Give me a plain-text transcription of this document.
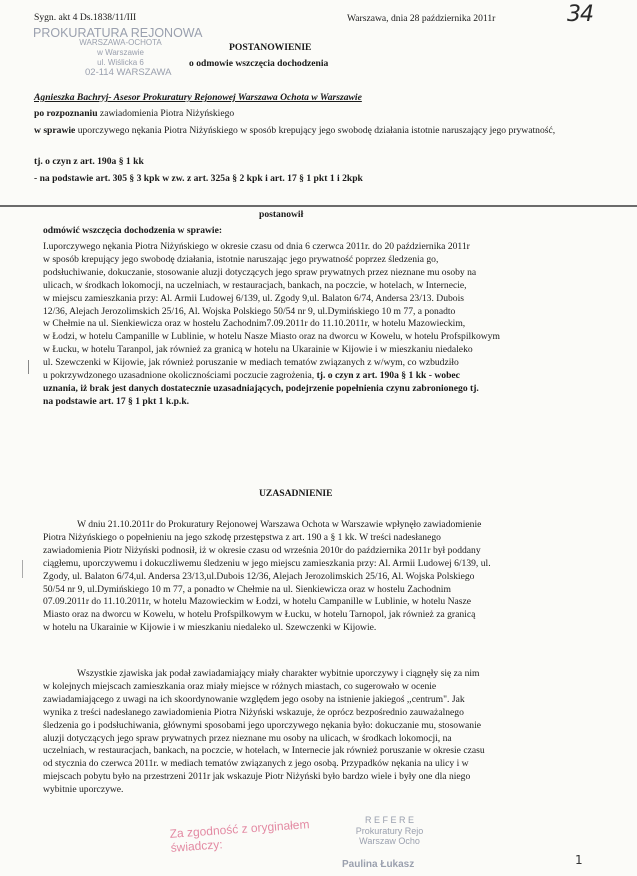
Sygn. akt 4 Ds.1838/11/III	Warszawa, dnia 28 października 2011r	34
PROKURATURA REJONOWA
WARSZAWA-OCHOTA
w Warszawie
ul. Wiślicka 6
02-114 WARSZAWA
POSTANOWIENIE
o odmowie wszczęcia dochodzenia
Agnieszka Bachryj- Asesor Prokuratury Rejonowej Warszawa Ochota w Warszawie
po rozpoznaniu zawiadomienia Piotra Niżyńskiego
w sprawie uporczywego nękania Piotra Niżyńskiego w sposób krepujący jego swobodę działania istotnie naruszający jego prywatność,
tj. o czyn z art. 190a § 1 kk
- na podstawie art. 305 § 3 kpk w zw. z art. 325a § 2 kpk i art. 17 § 1 pkt 1 i 2kpk
postanowił
odmówić wszczęcia dochodzenia w sprawie:
I.uporczywego nękania Piotra Niżyńskiego w okresie czasu od dnia 6 czerwca 2011r. do 20 października 2011r
w sposób krepujący jego swobodę działania, istotnie naruszając jego prywatność poprzez śledzenia go,
podsłuchiwanie, dokuczanie, stosowanie aluzji dotyczących jego spraw prywatnych przez nieznane mu osoby na
ulicach, w środkach lokomocji, na uczelniach, w restauracjach, bankach, na poczcie, w hotelach, w Internecie,
w miejscu zamieszkania przy: Al. Armii Ludowej 6/139, ul. Zgody 9,ul. Balaton 6/74, Andersa 23/13. Dubois
12/36, Alejach Jerozolimskich 25/16, Al. Wojska Polskiego 50/54 nr 9, ul.Dymińskiego 10 m 77, a ponadto
w Chełmie na ul. Sienkiewicza oraz w hostelu Zachodnim7.09.2011r do 11.10.2011r, w hotelu Mazowieckim,
w Łodzi, w hotelu Campanille w Lublinie, w hotelu Nasze Miasto oraz na dworcu w Kowelu, w hotelu Profspilkowym
w Łucku, w hotelu Taranpol, jak również za granicą w hotelu na Ukarainie w Kijowie i w mieszkaniu niedaleko
ul. Szewczenki w Kijowie, jak również poruszanie w mediach tematów związanych z w/wym, co wzbudziło
u pokrzywdzonego uzasadnione okolicznościami poczucie zagrożenia, tj. o czyn z art. 190a § 1 kk - wobec
uznania, iż brak jest danych dostatecznie uzasadniających, podejrzenie popełnienia czynu zabronionego tj.
na podstawie art. 17 § 1 pkt 1 k.p.k.
UZASADNIENIE
W dniu 21.10.2011r do Prokuratury Rejonowej Warszawa Ochota w Warszawie wpłynęło zawiadomienie
Piotra Niżyńskiego o popełnieniu na jego szkodę przestępstwa z art. 190 a § 1 kk. W treści nadesłanego
zawiadomienia Piotr Niżyński podnosił, iż w okresie czasu od września 2010r do października 2011r był poddany
ciągłemu, uporczywemu i dokuczliwemu śledzeniu w jego miejscu zamieszkania przy: Al. Armii Ludowej 6/139, ul.
Zgody, ul. Balaton 6/74,ul. Andersa 23/13,ul.Dubois 12/36, Alejach Jerozolimskich 25/16, Al. Wojska Polskiego
50/54 nr 9, ul.Dymińskiego 10 m 77, a ponadto w Chełmie na ul. Sienkiewicza oraz w hostelu Zachodnim
07.09.2011r do 11.10.2011r, w hotelu Mazowieckim w Łodzi, w hotelu Campanille w Lublinie, w hotelu Nasze
Miasto oraz na dworcu w Kowelu, w hotelu Profspilkowym w Łucku, w hotelu Tarnopol, jak również za granicą
w hotelu na Ukarainie w Kijowie i w mieszkaniu niedaleko ul. Szewczenki w Kijowie.
Wszystkie zjawiska jak podał zawiadamiający miały charakter wybitnie uporczywy i ciągnęły się za nim
w kolejnych miejscach zamieszkania oraz miały miejsce w różnych miastach, co sugerowało w ocenie
zawiadamiającego z uwagi na ich skoordynowanie względem jego osoby na istnienie jakiegoś ,,centrum". Jak
wynika z treści nadesłanego zawiadomienia Piotra Niżyński wskazuje, że oprócz bezpośrednio zauważalnego
śledzenia go i podsłuchiwania, głównymi sposobami jego uporczywego nękania było: dokuczanie mu, stosowanie
aluzji dotyczących jego spraw prywatnych przez nieznane mu osoby na ulicach, w środkach lokomocji, na
uczelniach, w restauracjach, bankach, na poczcie, w hotelach, w Internecie jak również poruszanie w okresie czasu
od stycznia do czerwca 2011r. w mediach tematów związanych z jego osobą. Przypadków nękania na ulicy i w
miejscach pobytu było na przestrzeni 2011r jak wskazuje Piotr Niżyński było bardzo wiele i były one dla niego
wybitnie uporczywe.
Za zgodność z oryginałem
świadczy:
R E F E R E
Prokuratury Rejo
Warszaw Ocho
Paulina Łukasz	1
